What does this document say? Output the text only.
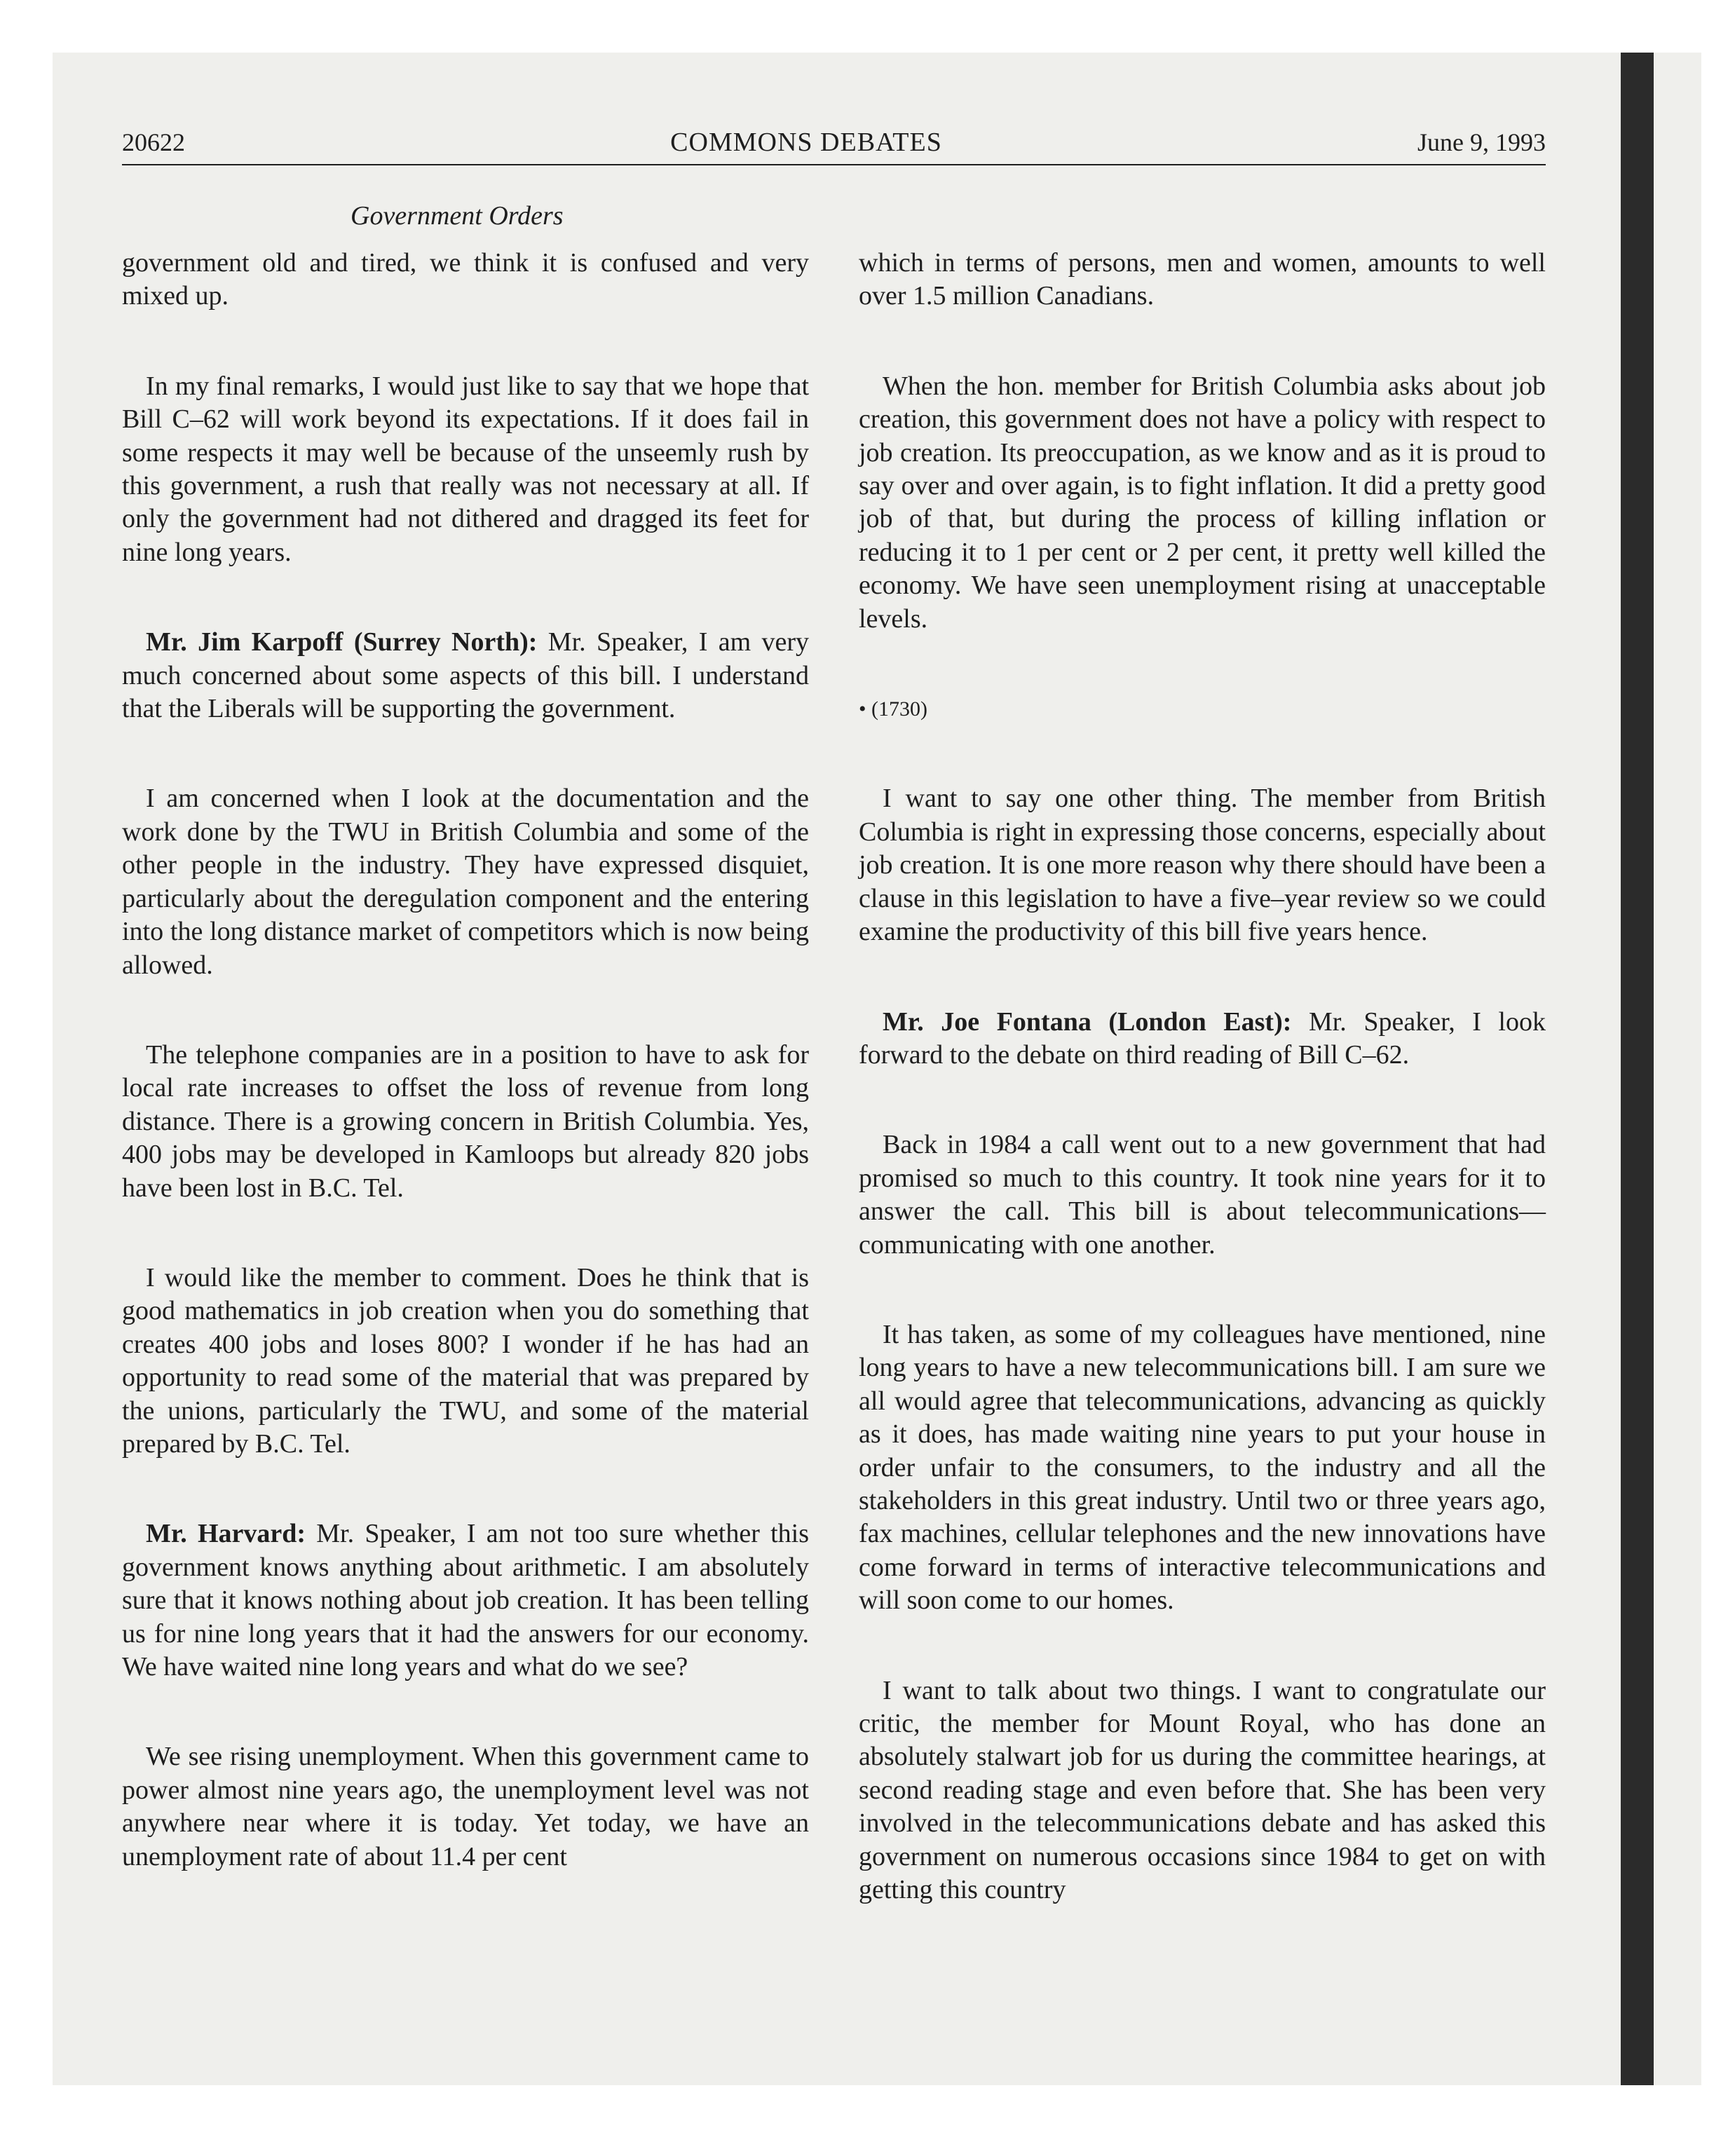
20622	COMMONS DEBATES	June 9, 1993
Government Orders

government old and tired, we think it is confused and very mixed up.

In my final remarks, I would just like to say that we hope that Bill C–62 will work beyond its expectations. If it does fail in some respects it may well be because of the unseemly rush by this government, a rush that really was not necessary at all. If only the government had not dithered and dragged its feet for nine long years.

Mr. Jim Karpoff (Surrey North): Mr. Speaker, I am very much concerned about some aspects of this bill. I understand that the Liberals will be supporting the government.

I am concerned when I look at the documentation and the work done by the TWU in British Columbia and some of the other people in the industry. They have expressed disquiet, particularly about the deregulation component and the entering into the long distance market of competitors which is now being allowed.

The telephone companies are in a position to have to ask for local rate increases to offset the loss of revenue from long distance. There is a growing concern in British Columbia. Yes, 400 jobs may be developed in Kamloops but already 820 jobs have been lost in B.C. Tel.

I would like the member to comment. Does he think that is good mathematics in job creation when you do something that creates 400 jobs and loses 800? I wonder if he has had an opportunity to read some of the material that was prepared by the unions, particularly the TWU, and some of the material prepared by B.C. Tel.

Mr. Harvard: Mr. Speaker, I am not too sure whether this government knows anything about arithmetic. I am absolutely sure that it knows nothing about job creation. It has been telling us for nine long years that it had the answers for our economy. We have waited nine long years and what do we see?

We see rising unemployment. When this government came to power almost nine years ago, the unemployment level was not anywhere near where it is today. Yet today, we have an unemployment rate of about 11.4 per cent

which in terms of persons, men and women, amounts to well over 1.5 million Canadians.

When the hon. member for British Columbia asks about job creation, this government does not have a policy with respect to job creation. Its preoccupation, as we know and as it is proud to say over and over again, is to fight inflation. It did a pretty good job of that, but during the process of killing inflation or reducing it to 1 per cent or 2 per cent, it pretty well killed the economy. We have seen unemployment rising at unacceptable levels.

• (1730)

I want to say one other thing. The member from British Columbia is right in expressing those concerns, especially about job creation. It is one more reason why there should have been a clause in this legislation to have a five–year review so we could examine the productivity of this bill five years hence.

Mr. Joe Fontana (London East): Mr. Speaker, I look forward to the debate on third reading of Bill C–62.

Back in 1984 a call went out to a new government that had promised so much to this country. It took nine years for it to answer the call. This bill is about telecommunications—communicating with one another.

It has taken, as some of my colleagues have mentioned, nine long years to have a new telecommunications bill. I am sure we all would agree that telecommunications, advancing as quickly as it does, has made waiting nine years to put your house in order unfair to the consumers, to the industry and all the stakeholders in this great industry. Until two or three years ago, fax machines, cellular telephones and the new innovations have come forward in terms of interactive telecommunications and will soon come to our homes.

I want to talk about two things. I want to congratulate our critic, the member for Mount Royal, who has done an absolutely stalwart job for us during the committee hearings, at second reading stage and even before that. She has been very involved in the telecommunications debate and has asked this government on numerous occasions since 1984 to get on with getting this country
